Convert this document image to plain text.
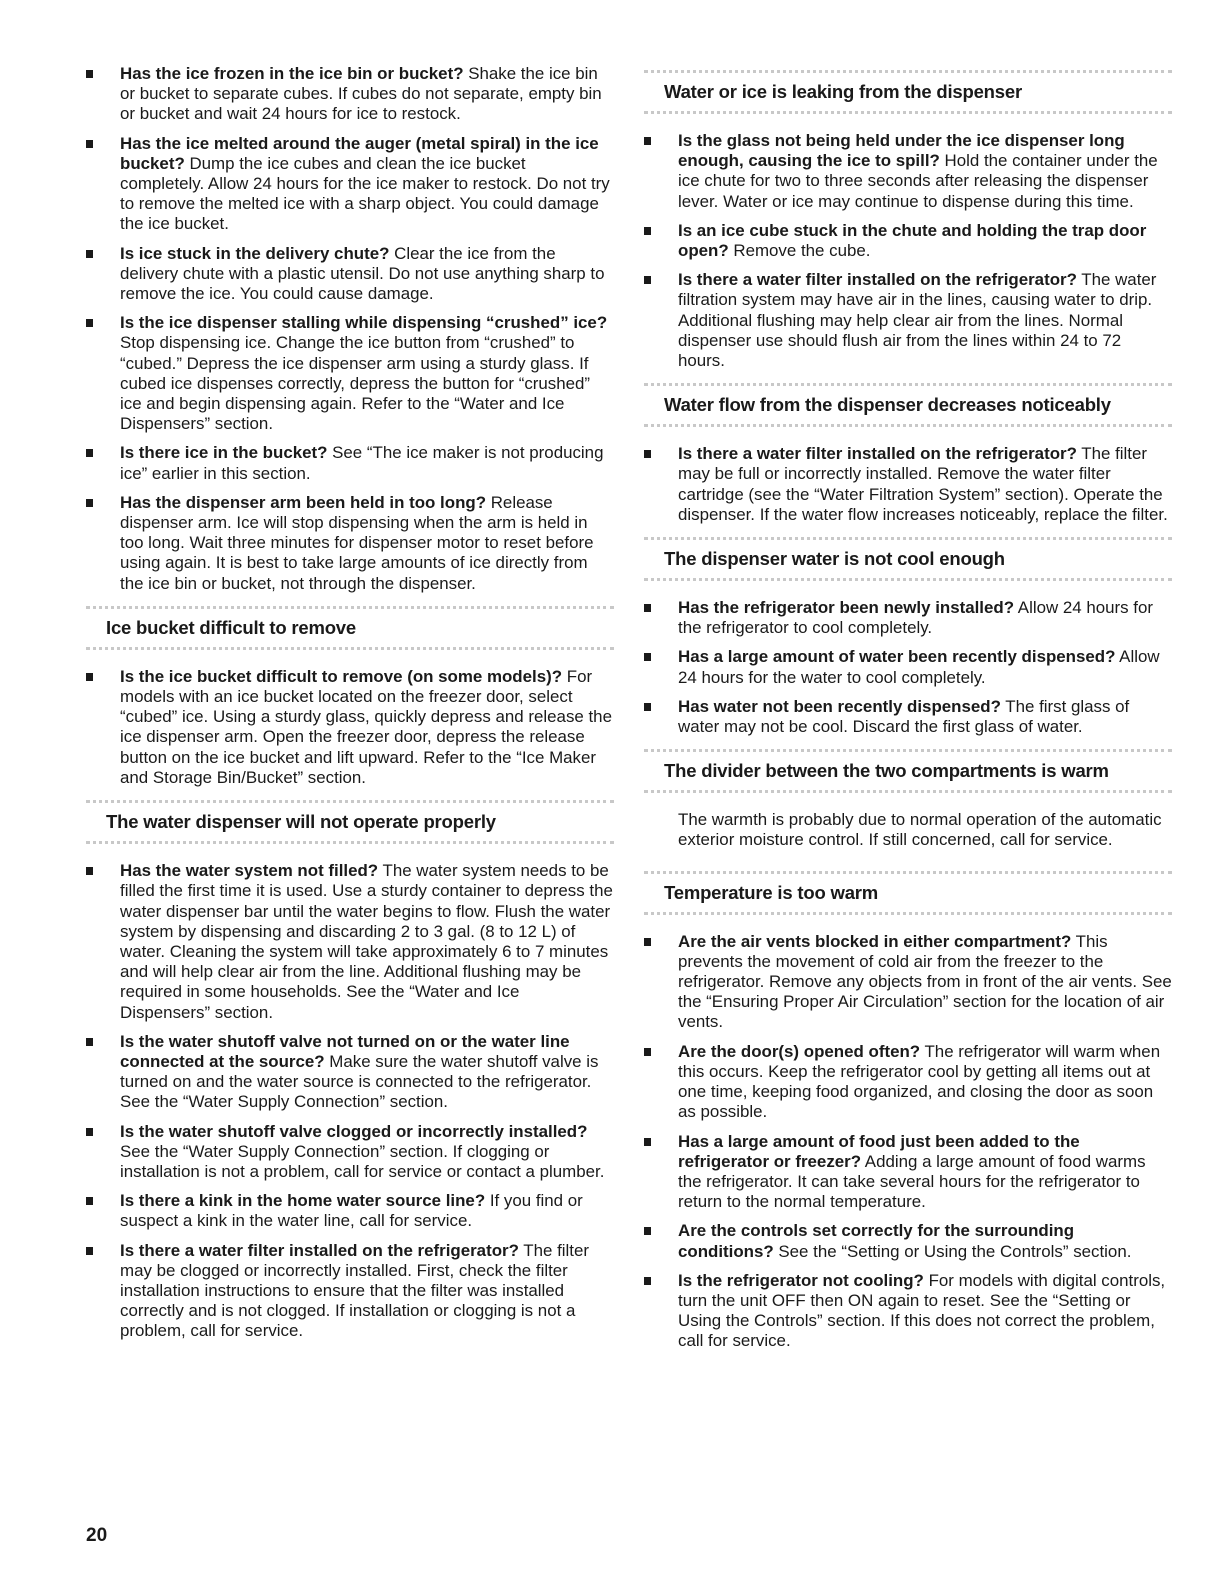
Has the ice frozen in the ice bin or bucket? Shake the ice bin or bucket to separate cubes. If cubes do not separate, empty bin or bucket and wait 24 hours for ice to restock.
Has the ice melted around the auger (metal spiral) in the ice bucket? Dump the ice cubes and clean the ice bucket completely. Allow 24 hours for the ice maker to restock. Do not try to remove the melted ice with a sharp object. You could damage the ice bucket.
Is ice stuck in the delivery chute? Clear the ice from the delivery chute with a plastic utensil. Do not use anything sharp to remove the ice. You could cause damage.
Is the ice dispenser stalling while dispensing “crushed” ice? Stop dispensing ice. Change the ice button from “crushed” to “cubed.” Depress the ice dispenser arm using a sturdy glass. If cubed ice dispenses correctly, depress the button for “crushed” ice and begin dispensing again. Refer to the “Water and Ice Dispensers” section.
Is there ice in the bucket? See “The ice maker is not producing ice” earlier in this section.
Has the dispenser arm been held in too long? Release dispenser arm. Ice will stop dispensing when the arm is held in too long. Wait three minutes for dispenser motor to reset before using again. It is best to take large amounts of ice directly from the ice bin or bucket, not through the dispenser.
Ice bucket difficult to remove
Is the ice bucket difficult to remove (on some models)? For models with an ice bucket located on the freezer door, select “cubed” ice. Using a sturdy glass, quickly depress and release the ice dispenser arm. Open the freezer door, depress the release button on the ice bucket and lift upward. Refer to the “Ice Maker and Storage Bin/Bucket” section.
The water dispenser will not operate properly
Has the water system not filled? The water system needs to be filled the first time it is used. Use a sturdy container to depress the water dispenser bar until the water begins to flow. Flush the water system by dispensing and discarding 2 to 3 gal. (8 to 12 L) of water. Cleaning the system will take approximately 6 to 7 minutes and will help clear air from the line. Additional flushing may be required in some households. See the “Water and Ice Dispensers” section.
Is the water shutoff valve not turned on or the water line connected at the source? Make sure the water shutoff valve is turned on and the water source is connected to the refrigerator. See the “Water Supply Connection” section.
Is the water shutoff valve clogged or incorrectly installed? See the “Water Supply Connection” section. If clogging or installation is not a problem, call for service or contact a plumber.
Is there a kink in the home water source line? If you find or suspect a kink in the water line, call for service.
Is there a water filter installed on the refrigerator? The filter may be clogged or incorrectly installed. First, check the filter installation instructions to ensure that the filter was installed correctly and is not clogged. If installation or clogging is not a problem, call for service.
Water or ice is leaking from the dispenser
Is the glass not being held under the ice dispenser long enough, causing the ice to spill? Hold the container under the ice chute for two to three seconds after releasing the dispenser lever. Water or ice may continue to dispense during this time.
Is an ice cube stuck in the chute and holding the trap door open? Remove the cube.
Is there a water filter installed on the refrigerator? The water filtration system may have air in the lines, causing water to drip. Additional flushing may help clear air from the lines. Normal dispenser use should flush air from the lines within 24 to 72 hours.
Water flow from the dispenser decreases noticeably
Is there a water filter installed on the refrigerator? The filter may be full or incorrectly installed. Remove the water filter cartridge (see the “Water Filtration System” section). Operate the dispenser. If the water flow increases noticeably, replace the filter.
The dispenser water is not cool enough
Has the refrigerator been newly installed? Allow 24 hours for the refrigerator to cool completely.
Has a large amount of water been recently dispensed? Allow 24 hours for the water to cool completely.
Has water not been recently dispensed? The first glass of water may not be cool. Discard the first glass of water.
The divider between the two compartments is warm
The warmth is probably due to normal operation of the automatic exterior moisture control. If still concerned, call for service.
Temperature is too warm
Are the air vents blocked in either compartment? This prevents the movement of cold air from the freezer to the refrigerator. Remove any objects from in front of the air vents. See the “Ensuring Proper Air Circulation” section for the location of air vents.
Are the door(s) opened often? The refrigerator will warm when this occurs. Keep the refrigerator cool by getting all items out at one time, keeping food organized, and closing the door as soon as possible.
Has a large amount of food just been added to the refrigerator or freezer? Adding a large amount of food warms the refrigerator. It can take several hours for the refrigerator to return to the normal temperature.
Are the controls set correctly for the surrounding conditions? See the “Setting or Using the Controls” section.
Is the refrigerator not cooling? For models with digital controls, turn the unit OFF then ON again to reset. See the “Setting or Using the Controls” section. If this does not correct the problem, call for service.
20
